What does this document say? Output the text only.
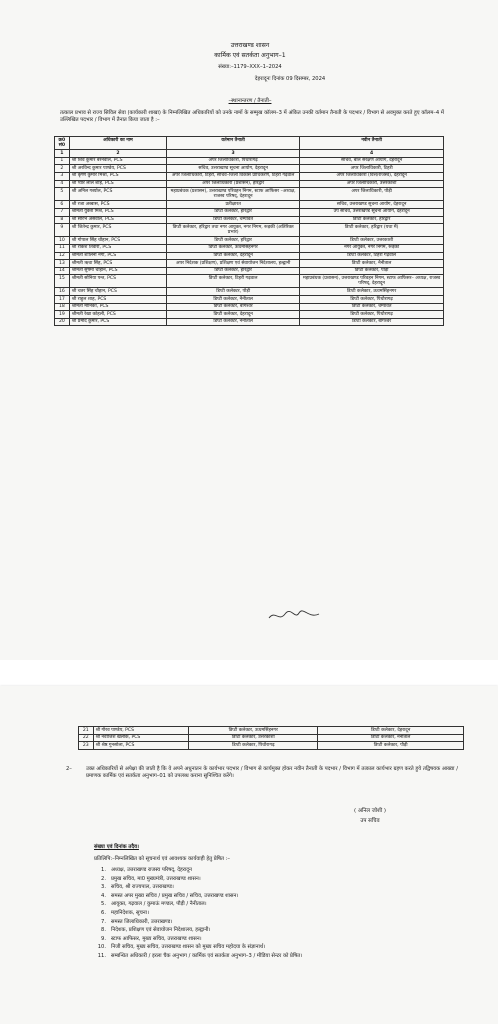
उत्तराखण्ड शासन
कार्मिक एवं सतर्कता अनुभाग–1
संख्या:–1179–XXX–1–2024
देहरादूनः दिनांक 09 दिसम्बर, 2024
–स्थानान्तरण / तैनाती–
तत्काल प्रभाव से राज्य सिविल सेवा (कार्यकारी शाखा) के निम्नलिखित अधिकारियों को उनके नामों के सम्मुख कॉलम–3 में अंकित उनकी वर्तमान तैनाती के पदभार / विभाग से अवमुक्त करते हुए कॉलम–4 में उल्लिखित पदभार / विभाग में तैनात किया जाता है :–
क्र0 सं0	अधिकारी का नाम	वर्तमान तैनाती	नवीन तैनाती
1	2	3	4
1	श्री शिव कुमार बरनवाल, PCS	अपर जिलाधिकारी, पिथौरागढ़	सचिव, बाल संरक्षण आयोग, देहरादून
2	श्री अरविन्द कुमार पाण्डेय, PCS	सचिव, उत्तराखण्ड सूचना आयोग, देहरादून	अपर जिलाधिकारी, टिहरी
3	श्री कृष्ण कुमार मिश्रा, PCS	अपर जिलाधिकारी, टिहरी, सचिव–जिला विकास प्राधिकरण, टिहरी गढ़वाल	अपर जिलाधिकारी (वित्त/राजस्व), देहरादून
4	श्री प्यारे लाल शाह, PCS	अपर जिलाधिकारी (प्रशासन), हरिद्वार	अपर जिलाधिकारी, उत्तरकाशी
5	श्री अनिल गर्ब्याल, PCS	महाप्रबंधक (प्रशासन), उत्तराखण्ड परिवहन निगम, स्टाफ आफिसर –अध्यक्ष, राजस्व परिषद्, देहरादून	अपर जिलाधिकारी, पौड़ी
6	श्री रजा अब्बास, PCS	प्रतीक्षारत	सचिव, उत्तराखण्ड सूचना आयोग, देहरादून
7	श्रीमती युक्ता मिश्र, PCS	डिप्टी कलेक्टर, हरिद्वार	उप सचिव, उत्तराखण्ड सूचना आयोग, देहरादून
8	श्री सौरभ असवाल, PCS	डिप्टी कलेक्टर, चम्पावत	डिप्टी कलेक्टर, हरिद्वार
9	श्री जितेन्द्र कुमार, PCS	डिप्टी कलेक्टर, हरिद्वार तथा नगर आयुक्त, नगर निगम, रूड़की (अतिरिक्त प्रभार)	डिप्टी कलेक्टर, हरिद्वार (यथा मैं)
10	श्री गोपाल सिंह चौहान, PCS	डिप्टी कलेक्टर, हरिद्वार	डिप्टी कलेक्टर, उत्तरकाशी
11	श्री राकेश तिवारी, PCS	डिप्टी कलेक्टर, ऊधमसिंहनगर	नगर आयुक्त, नगर निगम, रूड़की
12	श्रीमती शालिनी नेगी, PCS	डिप्टी कलेक्टर, देहरादून	डिप्टी कलेक्टर, टिहरी गढ़वाल
13	श्रीमती ऋचा सिंह, PCS	अपर निदेशक (प्रशिक्षण), प्रशिक्षण एवं सेवायोजन निदेशालय, हल्द्वानी	डिप्टी कलेक्टर, नैनीताल
14	श्रीमती सुषमा चौहान, PCS	डिप्टी कलेक्टर, हरिद्वार	डिप्टी कलेक्टर, पौड़ी
15	श्रीमती सोनिया पन्त, PCS	डिप्टी कलेक्टर, टिहरी गढ़वाल	महाप्रबंधक (प्रशासन), उत्तराखण्ड परिवहन निगम, स्टाफ आफिसर– अध्यक्ष, राजस्व परिषद्, देहरादून
16	श्री चतर सिंह चौहान, PCS	डिप्टी कलेक्टर, पौड़ी	डिप्टी कलेक्टर, ऊधमसिंहनगर
17	श्री राहुल शाह, PCS	डिप्टी कलेक्टर, नैनीताल	डिप्टी कलेक्टर, पिथौरागढ़
18	श्रीमती मोनिका, PCS	डिप्टी कलेक्टर, बागेश्वर	डिप्टी कलेक्टर, चम्पावत
19	श्रीमती रेखा कोहली, PCS	डिप्टी कलेक्टर, देहरादून	डिप्टी कलेक्टर, पिथौरागढ़
20	श्री प्रमोद कुमार, PCS	डिप्टी कलेक्टर, नैनीताल	डिप्टी कलेक्टर, बागेश्वर
21	श्री गौरव पाण्डेय, PCS	डिप्टी कलेक्टर, ऊधमसिंहनगर	डिप्टी कलेक्टर, देहरादून
22	श्री नवाजिश खलीक, PCS	डिप्टी कलेक्टर, उत्तरकाशी	डिप्टी कलेक्टर, नैनीताल
23	श्री श्रेष्ठ गुनसोला, PCS	डिप्टी कलेक्टर, पिथौरागढ़	डिप्टी कलेक्टर, पौड़ी
2–	उक्त अधिकारियों से अपेक्षा की जाती है कि वे अपने अधुनातन के कार्यभार पदभार / विभाग से कार्यमुक्त होकर नवीन तैनाती के पदभार / विभाग में तत्काल कार्यभार ग्रहण करते हुये तद्विषयक आख्या / प्रमाणक कार्मिक एवं सतर्कता अनुभाग–01 को उपलब्ध कराना सुनिश्चित करेंगे।
( अनिल जोशी )
उप सचिव
संख्या एवं दिनांक तदैव।
प्रतिलिपि:–निम्नलिखित को सूचनार्थ एवं आवश्यक कार्यवाही हेतु प्रेषित :–
1. अध्यक्ष, उत्तराखण्ड राजस्व परिषद्, देहरादून
2. प्रमुख सचिव, मा0 मुख्यमंत्री, उत्तराखण्ड शासन।
3. सचिव, श्री राज्यपाल, उत्तराखण्ड।
4. समस्त अपर मुख्य सचिव / प्रमुख सचिव / सचिव, उत्तराखण्ड शासन।
5. आयुक्त, गढ़वाल / कुमाऊं मण्डल, पौड़ी / नैनीताल।
6. महानिदेशक, सूचना।
7. समस्त जिलाधिकारी, उत्तराखण्ड।
8. निदेशक, प्रशिक्षण एवं सेवायोजन निदेशालय, हल्द्वानी।
9. स्टाफ आफिसर, मुख्य सचिव, उत्तराखण्ड शासन।
10. निजी सचिव, मुख्य सचिव, उत्तराखण्ड शासन को मुख्य सचिव महोदया के संज्ञानार्थ।
11. सम्बन्धित अधिकारी / इरला चैक अनुभाग / कार्मिक एवं सतर्कता अनुभाग–3 / मीडिया सेन्टर को प्रेषित।
